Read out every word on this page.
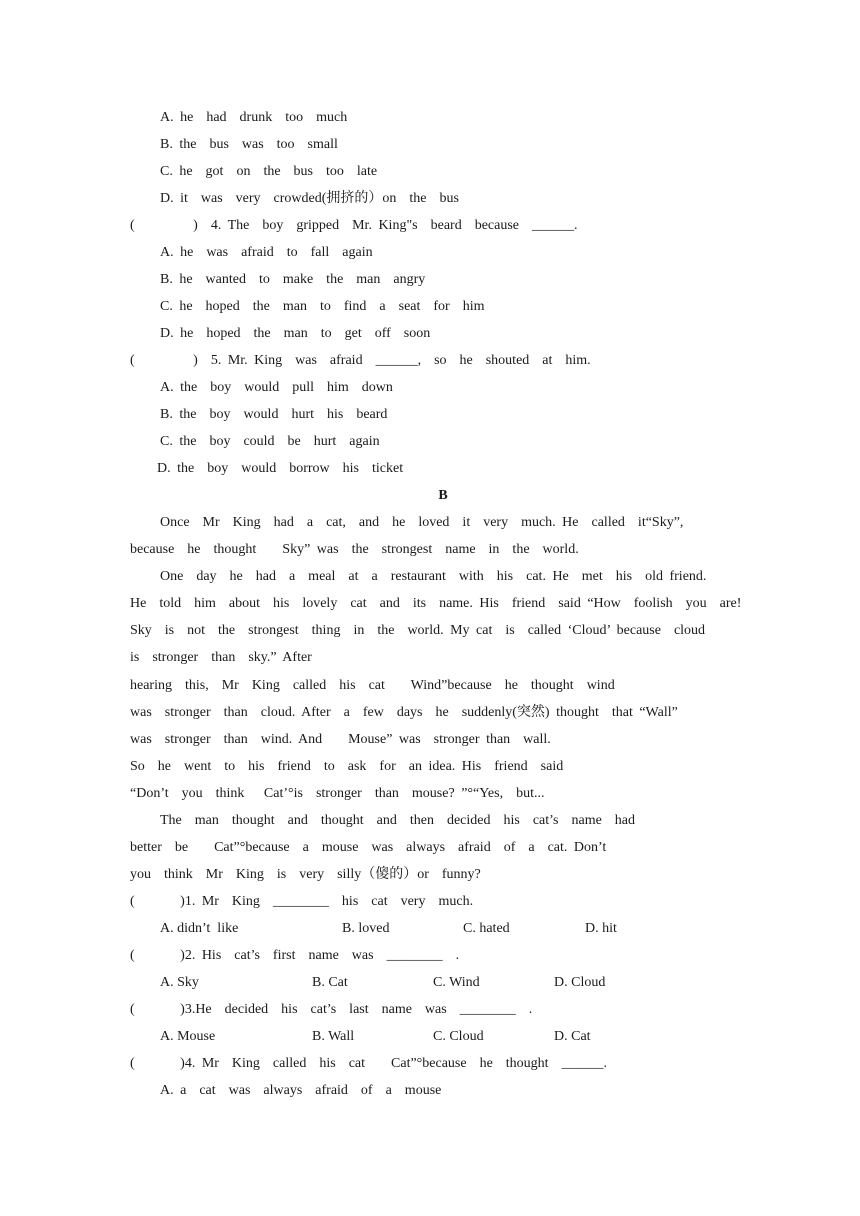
A. he  had  drunk  too  much
B. the  bus  was  too  small
C. he  got  on  the  bus  too  late
D. it  was  very  crowded(拥挤的）on  the  bus
(         )  4. The  boy  gripped  Mr. King"s  beard  because  ______.
A. he  was  afraid  to  fall  again
B. he  wanted  to  make  the  man  angry
C. he  hoped  the  man  to  find  a  seat  for  him
D. he  hoped  the  man  to  get  off  soon
(         )  5. Mr. King  was  afraid  ______,  so  he  shouted  at  him.
A. the  boy  would  pull  him  down
B. the  boy  would  hurt  his  beard
C. the  boy  could  be  hurt  again
D. the  boy  would  borrow  his  ticket
B
Once  Mr  King  had  a  cat,  and  he  loved  it  very  much. He  called  it“Sky”,
because  he  thought    Sky” was  the  strongest  name  in  the  world.
One  day  he  had  a  meal  at  a  restaurant  with  his  cat. He  met  his  old friend.
He  told  him  about  his  lovely  cat  and  its  name. His  friend  said “How  foolish  you  are!
Sky  is  not  the  strongest  thing  in  the  world. My cat  is  called ‘Cloud’ because  cloud
is  stronger  than  sky.” After
hearing  this,  Mr  King  called  his  cat    Wind”because  he  thought  wind
was  stronger  than  cloud. After  a  few  days  he  suddenly(突然) thought  that “Wall”
was  stronger  than  wind. And    Mouse” was  stronger than  wall.
So  he  went  to  his  friend  to  ask  for  an idea. His  friend  said
“Don’t  you  think   Cat’°is  stronger  than  mouse? ”°“Yes,  but...
The  man  thought  and  thought  and  then  decided  his  cat’s  name  had
better  be    Cat”°because  a  mouse  was  always  afraid  of  a  cat. Don’t
you  think  Mr  King  is  very  silly（傻的）or  funny?
(       )1. Mr  King  ________  his  cat  very  much.
A. didn’t  like	B. loved	C. hated	D. hit
(       )2. His  cat’s  first  name  was  ________  .
A. Sky	B. Cat	C. Wind	D. Cloud
(       )3.He  decided  his  cat’s  last  name  was  ________  .
A. Mouse	B. Wall	C. Cloud	D. Cat
(       )4. Mr  King  called  his  cat    Cat”°because  he  thought  ______.
A. a  cat  was  always  afraid  of  a  mouse
